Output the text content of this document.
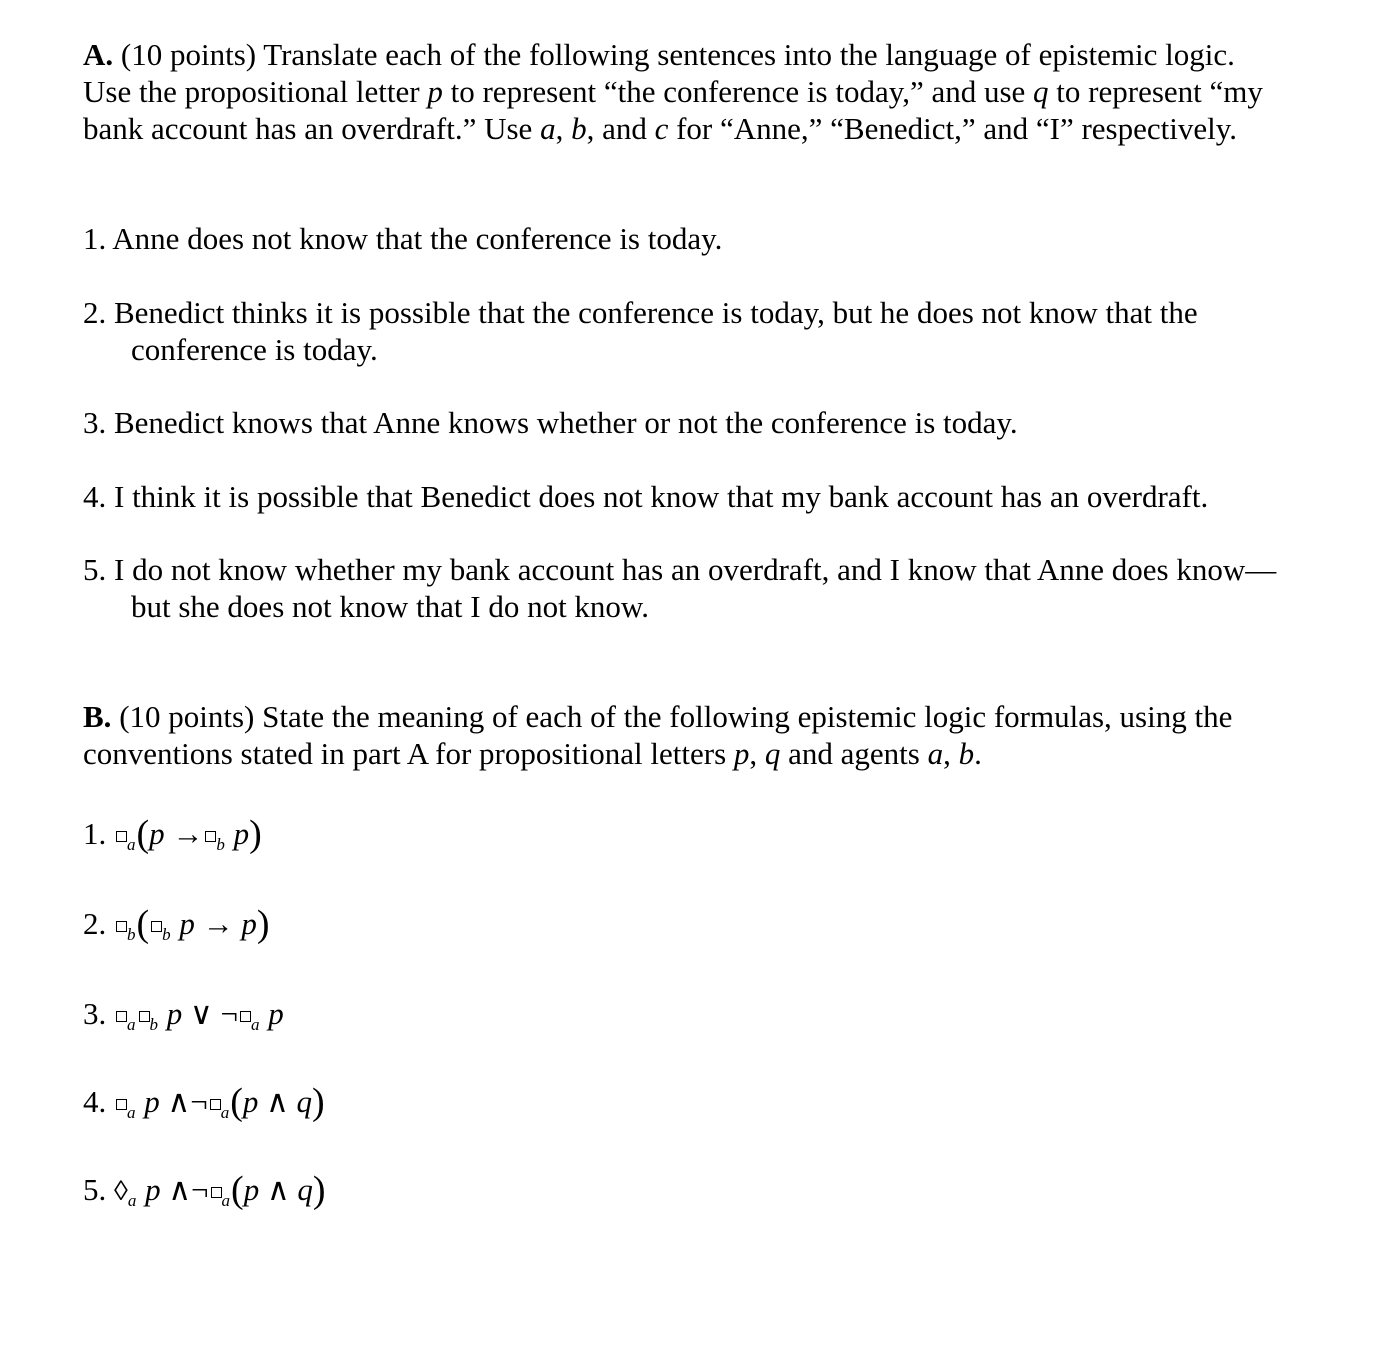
A. (10 points) Translate each of the following sentences into the language of epistemic logic. Use the propositional letter p to represent “the conference is today,” and use q to represent “my bank account has an overdraft.” Use a, b, and c for “Anne,” “Benedict,” and “I” respectively.

1. Anne does not know that the conference is today.

2. Benedict thinks it is possible that the conference is today, but he does not know that the conference is today.

3. Benedict knows that Anne knows whether or not the conference is today.

4. I think it is possible that Benedict does not know that my bank account has an overdraft.

5. I do not know whether my bank account has an overdraft, and I know that Anne does know—but she does not know that I do not know.

B. (10 points) State the meaning of each of the following epistemic logic formulas, using the conventions stated in part A for propositional letters p, q and agents a, b.

1. $_a$(p → $_b$ p)

2. $_b$( $_b$ p → p)

3. $_a$ $_b$ p ∨ ¬ $_a$ p

4. $_a$ p ∧¬ $_a$(p ∧ q)

5. $◊_a$ p ∧¬ $_a$(p ∧ q)
